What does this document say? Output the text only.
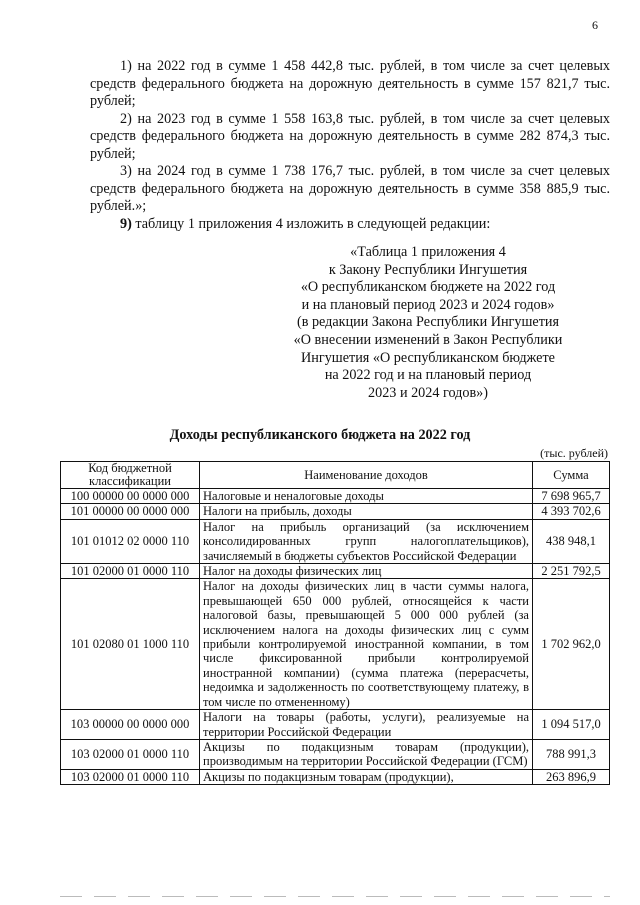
6

1) на 2022 год в сумме 1 458 442,8 тыс. рублей, в том числе за счет целевых средств федерального бюджета на дорожную деятельность в сумме 157 821,7 тыс. рублей;

2) на 2023 год в сумме 1 558 163,8 тыс. рублей, в том числе за счет целевых средств федерального бюджета на дорожную деятельность в сумме 282 874,3 тыс. рублей;

3) на 2024 год в сумме 1 738 176,7 тыс. рублей, в том числе за счет целевых средств федерального бюджета на дорожную деятельность в сумме 358 885,9 тыс. рублей.»;

9) таблицу 1 приложения 4 изложить в следующей редакции:

«Таблица 1 приложения 4
к Закону Республики Ингушетия
«О республиканском бюджете на 2022 год
и на плановый период 2023 и 2024 годов»
(в редакции Закона Республики Ингушетия
«О внесении изменений в Закон Республики
Ингушетия «О республиканском бюджете
на 2022 год и на плановый период
2023 и 2024 годов»)
Доходы республиканского бюджета на 2022 год
(тыс. рублей)
Код бюджетной классификации	Наименование доходов	Сумма
100 00000 00 0000 000	Налоговые и неналоговые доходы	7 698 965,7
101 00000 00 0000 000	Налоги на прибыль, доходы	4 393 702,6
101 01012 02 0000 110	Налог на прибыль организаций (за исключением консолидированных групп налогоплательщиков), зачисляемый в бюджеты субъектов Российской Федерации	438 948,1
101 02000 01 0000 110	Налог на доходы физических лиц	2 251 792,5
101 02080 01 1000 110	Налог на доходы физических лиц в части суммы налога, превышающей 650 000 рублей, относящейся к части налоговой базы, превышающей 5 000 000 рублей (за исключением налога на доходы физических лиц с сумм прибыли контролируемой иностранной компании, в том числе фиксированной прибыли контролируемой иностранной компании) (сумма платежа (перерасчеты, недоимка и задолженность по соответствующему платежу, в том числе по отмененному)	1 702 962,0
103 00000 00 0000 000	Налоги на товары (работы, услуги), реализуемые на территории Российской Федерации	1 094 517,0
103 02000 01 0000 110	Акцизы по подакцизным товарам (продукции), производимым на территории Российской Федерации (ГСМ)	788 991,3
103 02000 01 0000 110	Акцизы по подакцизным товарам (продукции),	263 896,9
